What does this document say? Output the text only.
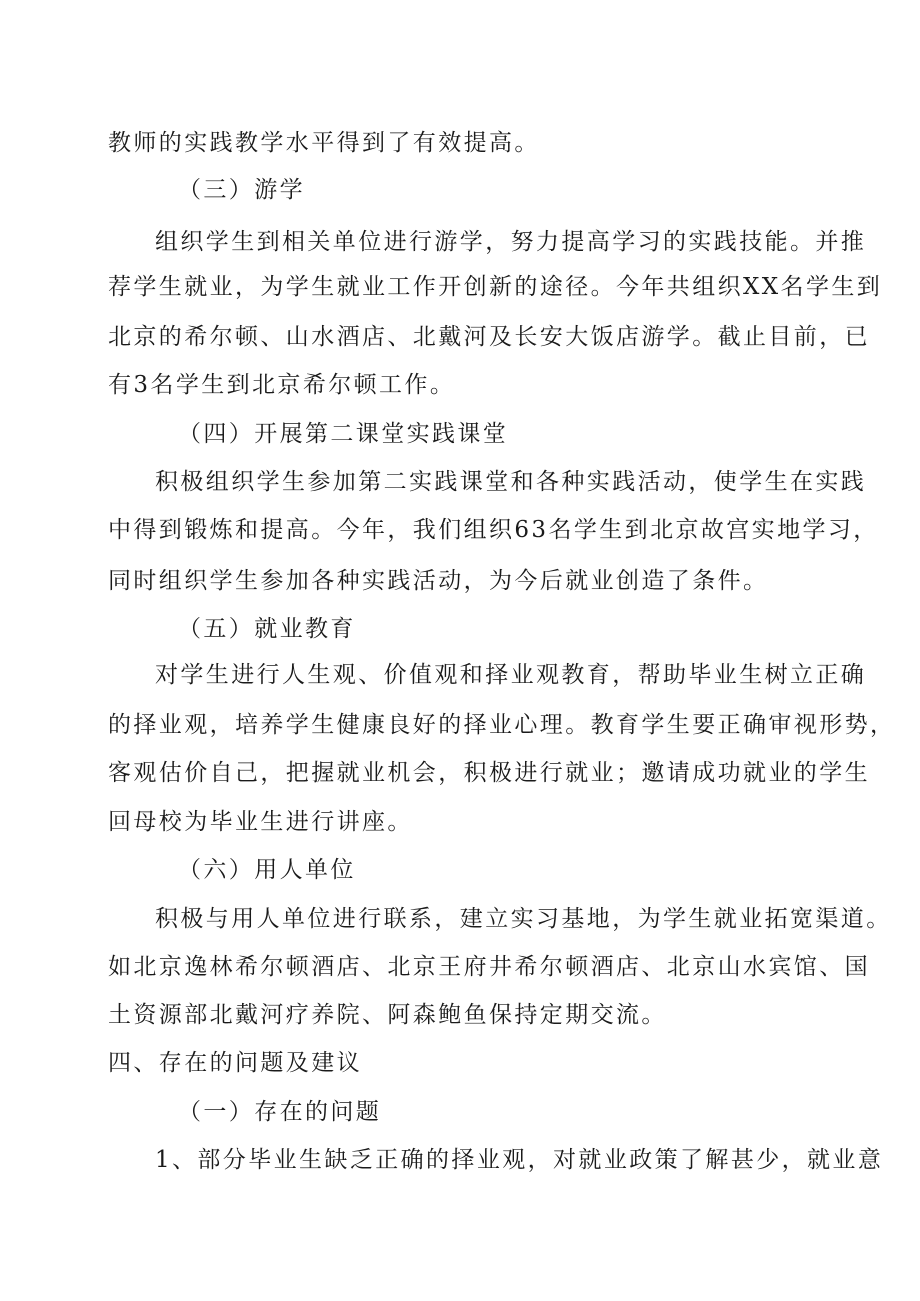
教师的实践教学水平得到了有效提高。
（三）游学
组织学生到相关单位进行游学，努力提高学习的实践技能。并推
荐学生就业，为学生就业工作开创新的途径。今年共组织XX名学生到
北京的希尔顿、山水酒店、北戴河及长安大饭店游学。截止目前，已
有3名学生到北京希尔顿工作。
（四）开展第二课堂实践课堂
积极组织学生参加第二实践课堂和各种实践活动，使学生在实践
中得到锻炼和提高。今年，我们组织63名学生到北京故宫实地学习，
同时组织学生参加各种实践活动，为今后就业创造了条件。
（五）就业教育
对学生进行人生观、价值观和择业观教育，帮助毕业生树立正确
的择业观，培养学生健康良好的择业心理。教育学生要正确审视形势，
客观估价自己，把握就业机会，积极进行就业；邀请成功就业的学生
回母校为毕业生进行讲座。
（六）用人单位
积极与用人单位进行联系，建立实习基地，为学生就业拓宽渠道。
如北京逸林希尔顿酒店、北京王府井希尔顿酒店、北京山水宾馆、国
土资源部北戴河疗养院、阿森鲍鱼保持定期交流。
四、存在的问题及建议
（一）存在的问题
1、部分毕业生缺乏正确的择业观，对就业政策了解甚少，就业意
